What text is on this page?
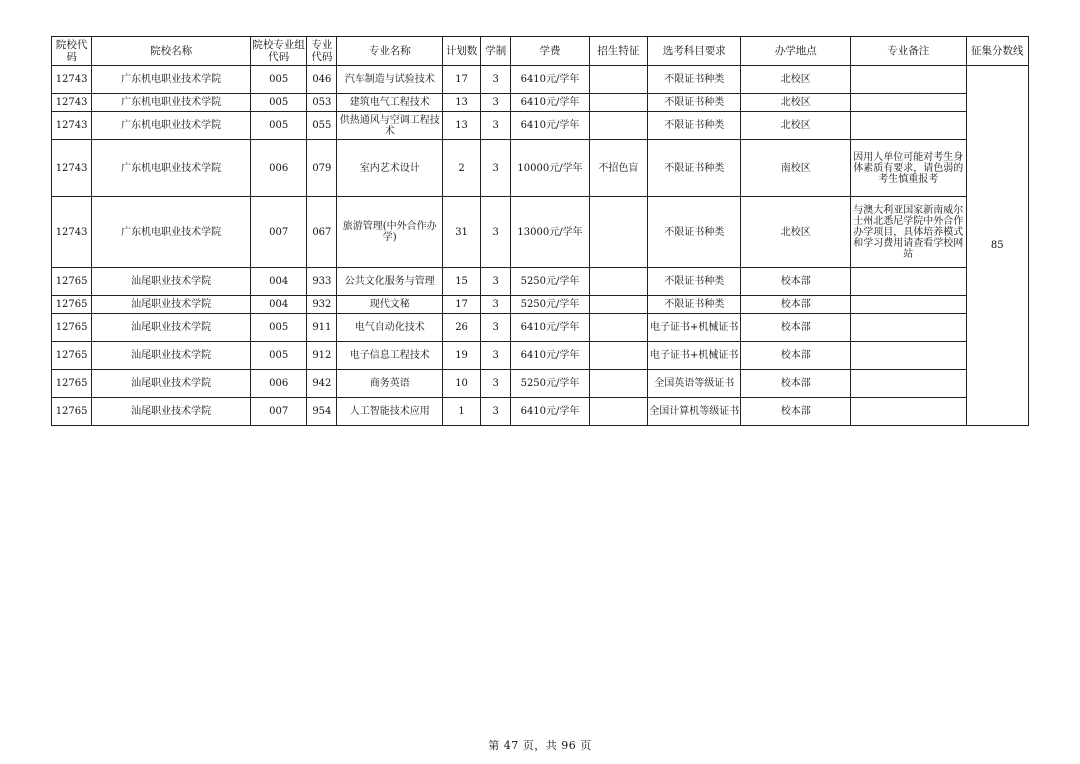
院校代码	院校名称	院校专业组代码	专业代码	专业名称	计划数	学制	学费	招生特征	选考科目要求	办学地点	专业备注	征集分数线
12743	广东机电职业技术学院	005	046	汽车制造与试验技术	17	3	6410元/学年		不限证书种类	北校区		85
12743	广东机电职业技术学院	005	053	建筑电气工程技术	13	3	6410元/学年		不限证书种类	北校区		
12743	广东机电职业技术学院	005	055	供热通风与空调工程技术	13	3	6410元/学年		不限证书种类	北校区		
12743	广东机电职业技术学院	006	079	室内艺术设计	2	3	10000元/学年	不招色盲	不限证书种类	南校区	因用人单位可能对考生身体素质有要求，请色弱的考生慎重报考	
12743	广东机电职业技术学院	007	067	旅游管理(中外合作办学)	31	3	13000元/学年		不限证书种类	北校区	与澳大利亚国家新南威尔士州北悉尼学院中外合作办学项目，具体培养模式和学习费用请查看学校网站	
12765	汕尾职业技术学院	004	933	公共文化服务与管理	15	3	5250元/学年		不限证书种类	校本部		
12765	汕尾职业技术学院	004	932	现代文秘	17	3	5250元/学年		不限证书种类	校本部		
12765	汕尾职业技术学院	005	911	电气自动化技术	26	3	6410元/学年		电子证书+机械证书	校本部		
12765	汕尾职业技术学院	005	912	电子信息工程技术	19	3	6410元/学年		电子证书+机械证书	校本部		
12765	汕尾职业技术学院	006	942	商务英语	10	3	5250元/学年		全国英语等级证书	校本部		
12765	汕尾职业技术学院	007	954	人工智能技术应用	1	3	6410元/学年		全国计算机等级证书	校本部		
第 47 页，共 96 页
